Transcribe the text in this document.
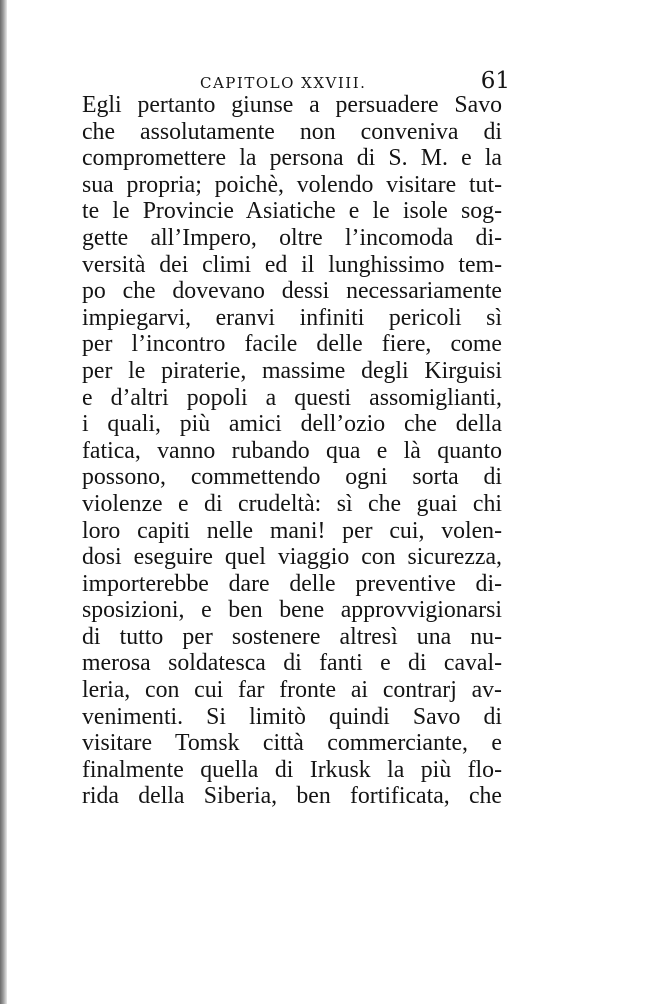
CAPITOLO XXVIII.	61
Egli pertanto giunse a persuadere Savo
che assolutamente non conveniva di
compromettere la persona di S. M. e la
sua propria; poichè, volendo visitare tut-
te le Provincie Asiatiche e le isole sog-
gette all’Impero, oltre l’incomoda di-
versità dei climi ed il lunghissimo tem-
po che dovevano dessi necessariamente
impiegarvi, eranvi infiniti pericoli sì
per l’incontro facile delle fiere, come
per le piraterie, massime degli Kirguisi
e d’altri popoli a questi assomiglianti,
i quali, più amici dell’ozio che della
fatica, vanno rubando qua e là quanto
possono, commettendo ogni sorta di
violenze e di crudeltà: sì che guai chi
loro capiti nelle mani! per cui, volen-
dosi eseguire quel viaggio con sicurezza,
importerebbe dare delle preventive di-
sposizioni, e ben bene approvvigionarsi
di tutto per sostenere altresì una nu-
merosa soldatesca di fanti e di caval-
leria, con cui far fronte ai contrarj av-
venimenti. Si limitò quindi Savo di
visitare Tomsk città commerciante, e
finalmente quella di Irkusk la più flo-
rida della Siberia, ben fortificata, che
